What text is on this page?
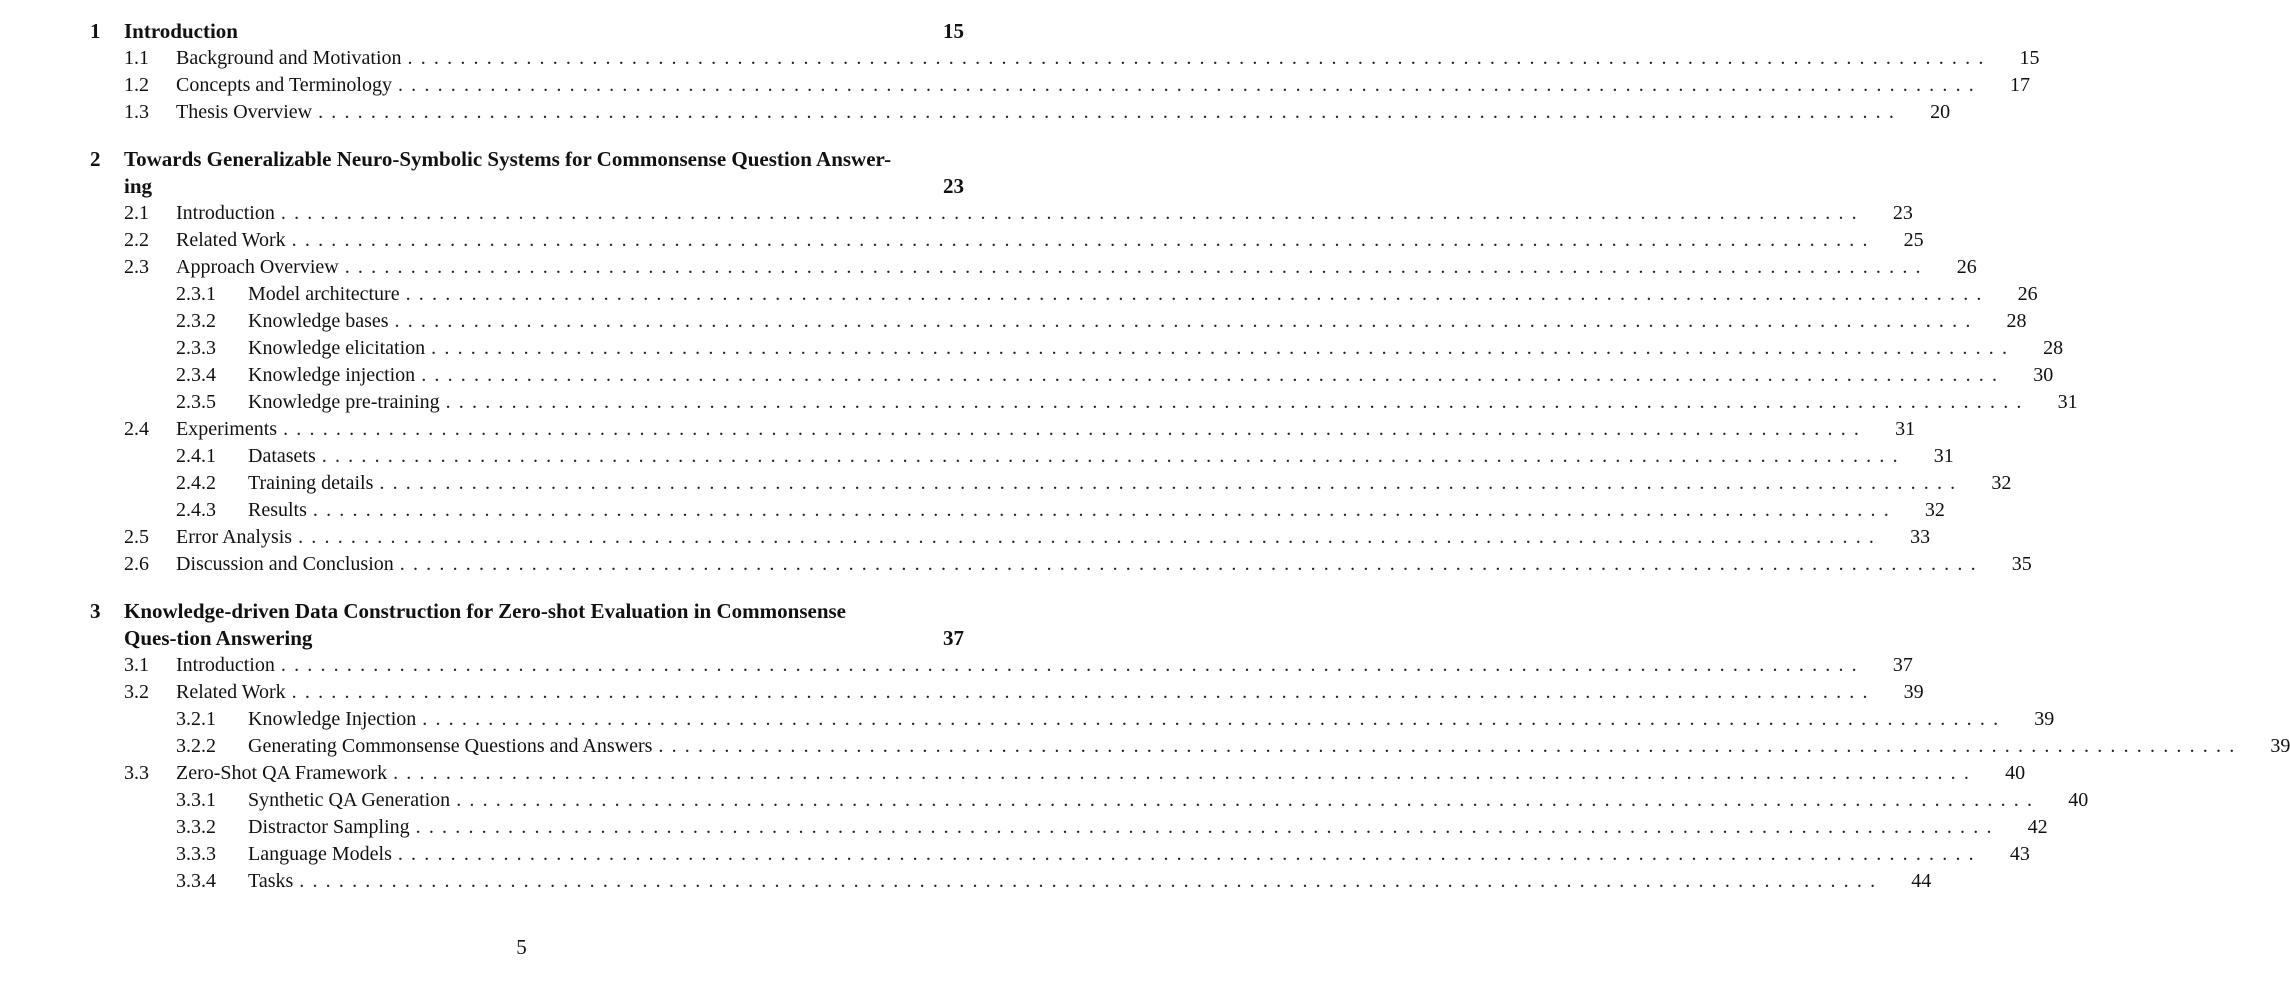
1	Introduction	15
1.1	Background and Motivation ........................................................................................................................	15
1.2	Concepts and Terminology ........................................................................................................................	17
1.3	Thesis Overview ........................................................................................................................	20
2	Towards Generalizable Neuro-Symbolic Systems for Commonsense Question Answer-ing	23
2.1	Introduction ........................................................................................................................	23
2.2	Related Work ........................................................................................................................	25
2.3	Approach Overview ........................................................................................................................	26
2.3.1	Model architecture ........................................................................................................................	26
2.3.2	Knowledge bases ........................................................................................................................	28
2.3.3	Knowledge elicitation ........................................................................................................................	28
2.3.4	Knowledge injection ........................................................................................................................	30
2.3.5	Knowledge pre-training ........................................................................................................................	31
2.4	Experiments ........................................................................................................................	31
2.4.1	Datasets ........................................................................................................................	31
2.4.2	Training details ........................................................................................................................	32
2.4.3	Results ........................................................................................................................	32
2.5	Error Analysis ........................................................................................................................	33
2.6	Discussion and Conclusion ........................................................................................................................	35
3	Knowledge-driven Data Construction for Zero-shot Evaluation in Commonsense Ques-tion Answering	37
3.1	Introduction ........................................................................................................................	37
3.2	Related Work ........................................................................................................................	39
3.2.1	Knowledge Injection ........................................................................................................................	39
3.2.2	Generating Commonsense Questions and Answers ........................................................................................................................	39
3.3	Zero-Shot QA Framework ........................................................................................................................	40
3.3.1	Synthetic QA Generation ........................................................................................................................	40
3.3.2	Distractor Sampling ........................................................................................................................	42
3.3.3	Language Models ........................................................................................................................	43
3.3.4	Tasks ........................................................................................................................	44
5
